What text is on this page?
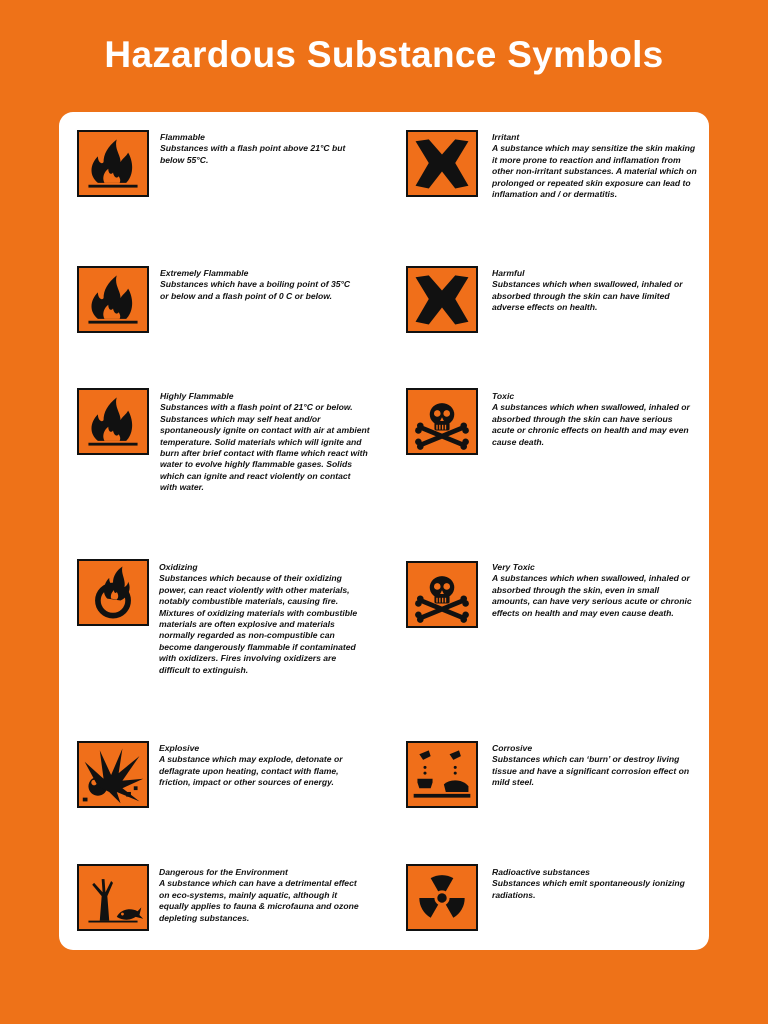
Hazardous Substance Symbols
Flammable
Substances with a flash point above 21°C but below 55°C.
Extremely Flammable
Substances which have a boiling point of 35°C or below and a flash point of 0 C or below.
Highly Flammable
Substances with a flash point of 21°C or below. Substances which may self heat and/or spontaneously ignite on contact with air at ambient temperature. Solid materials which will ignite and burn after brief contact with flame which react with water to evolve highly flammable gases. Solids which can ignite and react violently on contact with water.
Oxidizing
Substances which because of their oxidizing power, can react violently with other materials, notably combustible materials, causing fire. Mixtures of oxidizing materials with combustible materials are often explosive and materials normally regarded as non-compustible can become dangerously flammable if contaminated with oxidizers. Fires involving oxidizers are difficult to extinguish.
Explosive
A substance which may explode, detonate or deflagrate upon heating, contact with flame, friction, impact or other sources of energy.
Dangerous for the Environment
A substance which can have a detrimental effect on eco-systems, mainly aquatic, although it equally applies to fauna & microfauna and ozone depleting substances.
Irritant
A substance which may sensitize the skin making it more prone to reaction and inflamation from other non-irritant substances. A material which on prolonged or repeated skin exposure can lead to inflamation and / or dermatitis.
Harmful
Substances which when swallowed, inhaled or absorbed through the skin can have limited adverse effects on health.
Toxic
A substances which when swallowed, inhaled or absorbed through the skin can have serious acute or chronic effects on health and may even cause death.
Very Toxic
A substances which when swallowed, inhaled or absorbed through the skin, even in small amounts, can have very serious acute or chronic effects on health and may even cause death.
Corrosive
Substances which can ‘burn’ or destroy living tissue and have a significant corrosion effect on mild steel.
Radioactive substances
Substances which emit spontaneously ionizing radiations.
